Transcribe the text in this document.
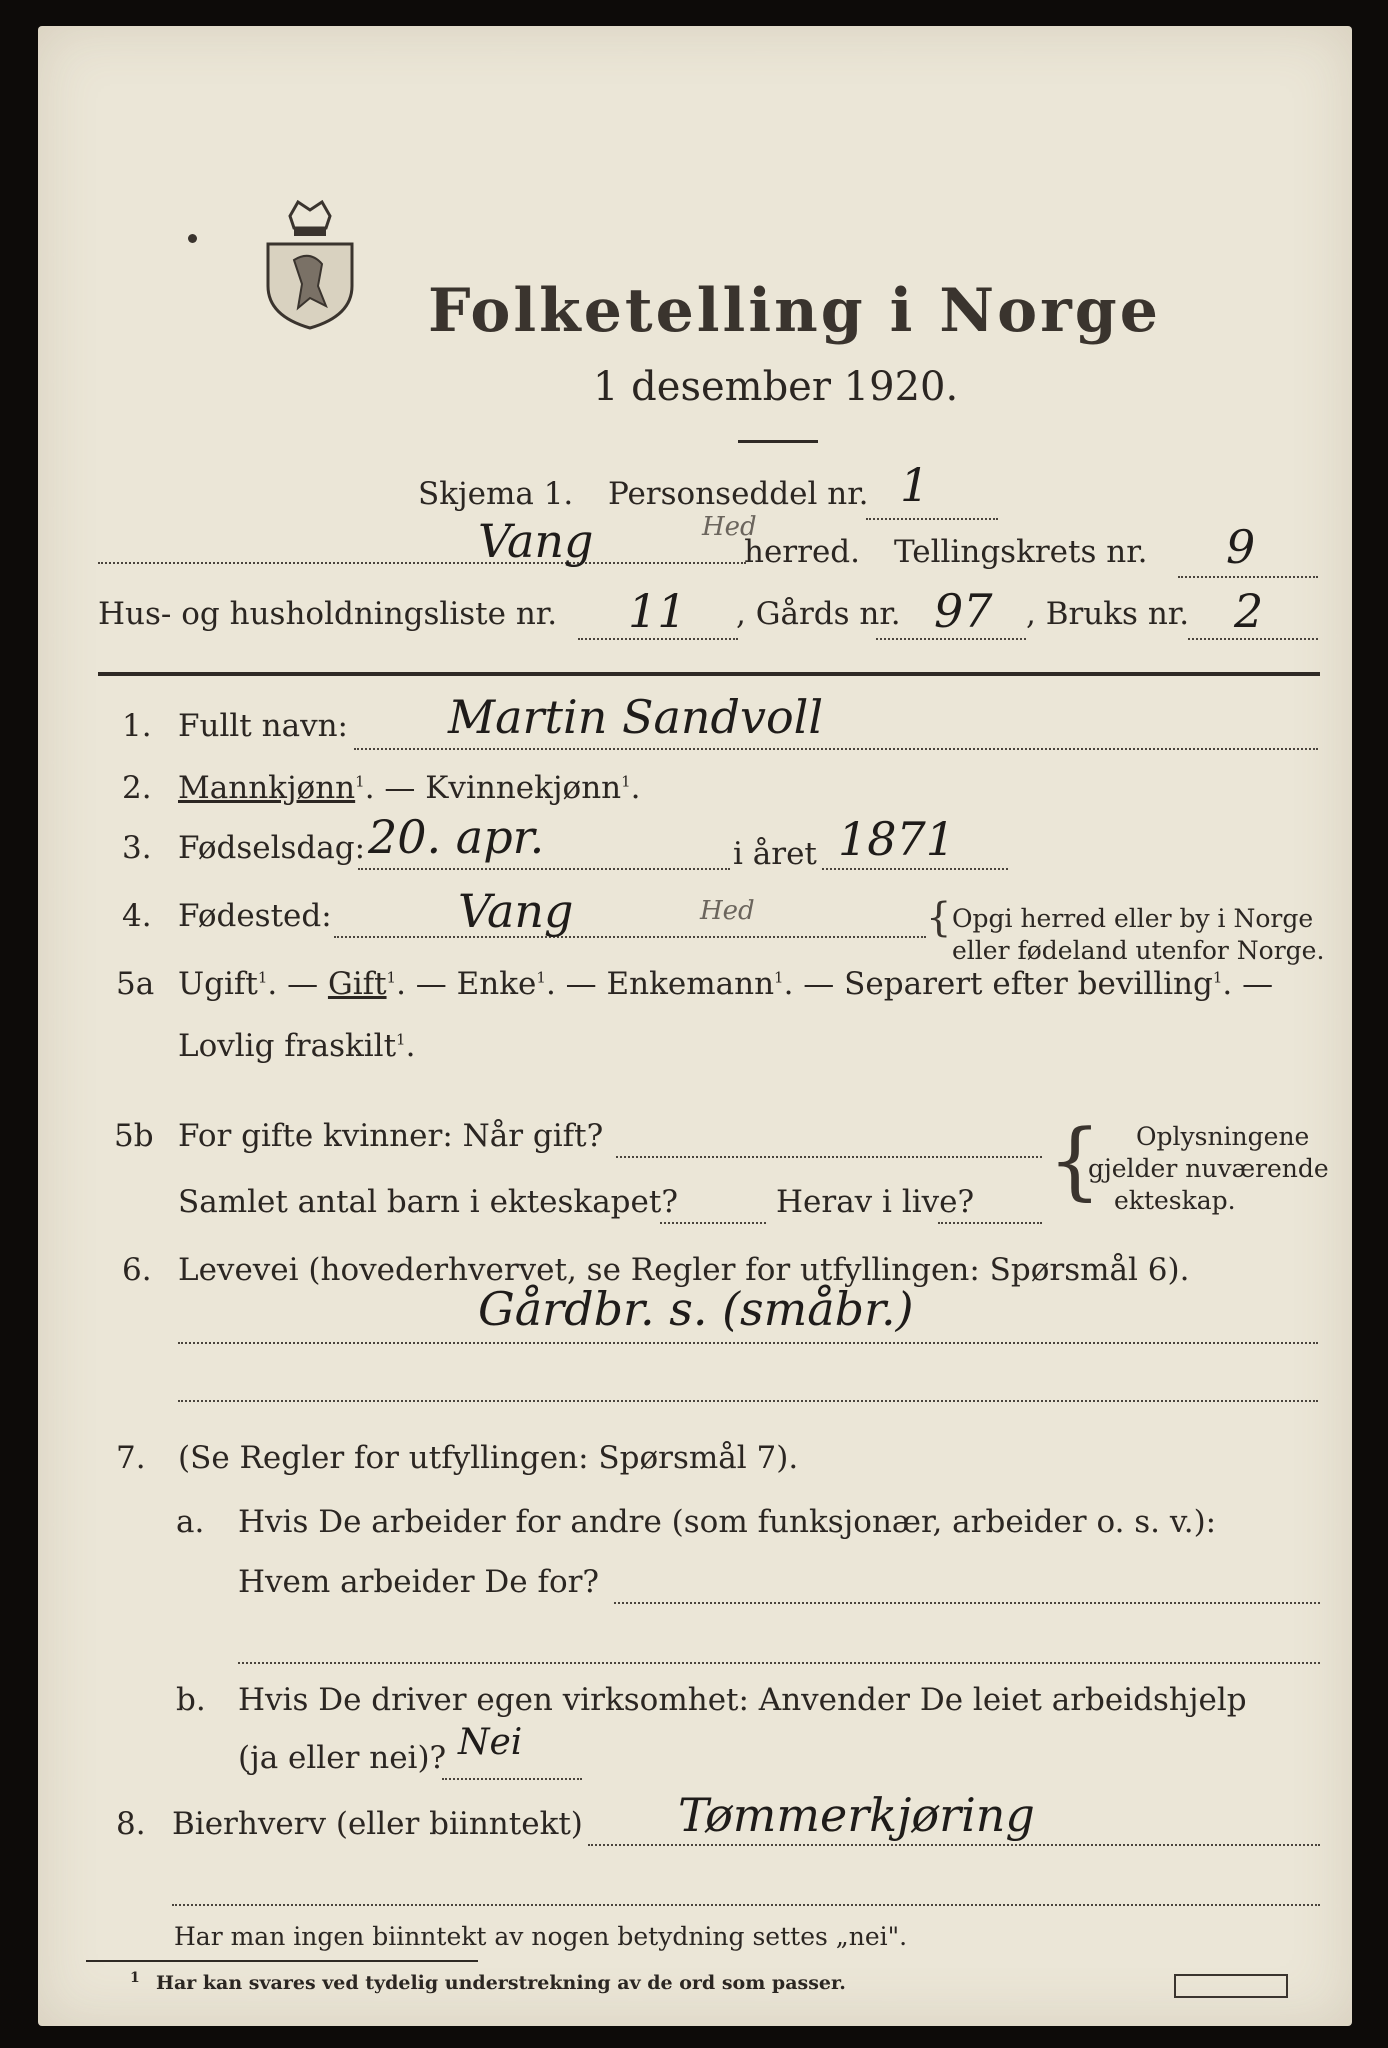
Folketelling i Norge
1 desember 1920.
Skjema 1. Personseddel nr. 1
Vang	Hed
herred. Tellingskrets nr. 9
Hus- og husholdningsliste nr. 11 , Gårds nr. 97 , Bruks nr. 2
1. Fullt navn: Martin Sandvoll
2. Mannkjønn$^1$. — Kvinnekjønn$^1$.
3. Fødselsdag: 20. apr.	i året 1871
4. Fødested:	Vang	Hed	{ Opgi herred eller by i Norge
eller fødeland utenfor Norge.
5a Ugift$^1$. — Gift$^1$. — Enke$^1$. — Enkemann$^1$. — Separert efter bevilling$^1$. —
Lovlig fraskilt$^1$.
5b For gifte kvinner: Når gift?
Samlet antal barn i ekteskapet?	Herav i live? { Oplysningene
gjelder nuværende
ekteskap.
6. Levevei (hovederhvervet, se Regler for utfyllingen: Spørsmål 6).
Gårdbr. s. (småbr.)
7. (Se Regler for utfyllingen: Spørsmål 7).
a. Hvis De arbeider for andre (som funksjonær, arbeider o. s. v.):
Hvem arbeider De for?
b. Hvis De driver egen virksomhet: Anvender De leiet arbeidshjelp
(ja eller nei)? Nei
8. Bierhverv (eller biinntekt) Tømmerkjøring
Har man ingen biinntekt av nogen betydning settes „nei".
1 Har kan svares ved tydelig understrekning av de ord som passer.
